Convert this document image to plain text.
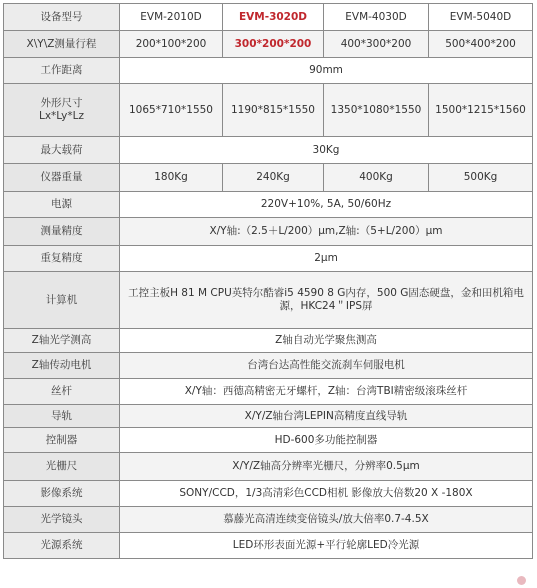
设备型号	EVM-2010D	EVM-3020D	EVM-4030D	EVM-5040D
X\Y\Z测量行程	200*100*200	300*200*200	400*300*200	500*400*200
工作距离	90mm			

外形尺寸
Lx*Ly*Lz	1065*710*1550	1190*815*1550	1350*1080*1550	1500*1215*1560
最大载荷	30Kg			
仪器重量	180Kg	240Kg	400Kg	500Kg
电源	220V+10%, 5A, 50/60Hz			
测量精度	X/Y轴:（2.5＋L/200）μm,Z轴:（5+L/200）μm			
重复精度	2μm			
计算机	工控主板H 81 M CPU英特尔酷睿i5 4590 8 G内存，500 G固态硬盘，金和田机箱电
源，HKC24＂IPS屏			

Z轴光学测高	Z轴自动光学聚焦测高			
Z轴传动电机	台湾台达高性能交流刹车伺服电机			
丝杆	X/Y轴：西德高精密无牙螺杆，Z轴：台湾TBI精密级滚珠丝杆			
导轨	X/Y/Z轴台湾LEPIN高精度直线导轨			
控制器	HD-600多功能控制器			
光栅尺	X/Y/Z轴高分辨率光栅尺，分辨率0.5μm			
影像系统	SONY/CCD，1/3高清彩色CCD相机 影像放大倍数20 X -180X			
光学镜头	慕藤光高清连续变倍镜头/放大倍率0.7-4.5X			
光源系统	LED环形表面光源+平行轮廓LED冷光源			
